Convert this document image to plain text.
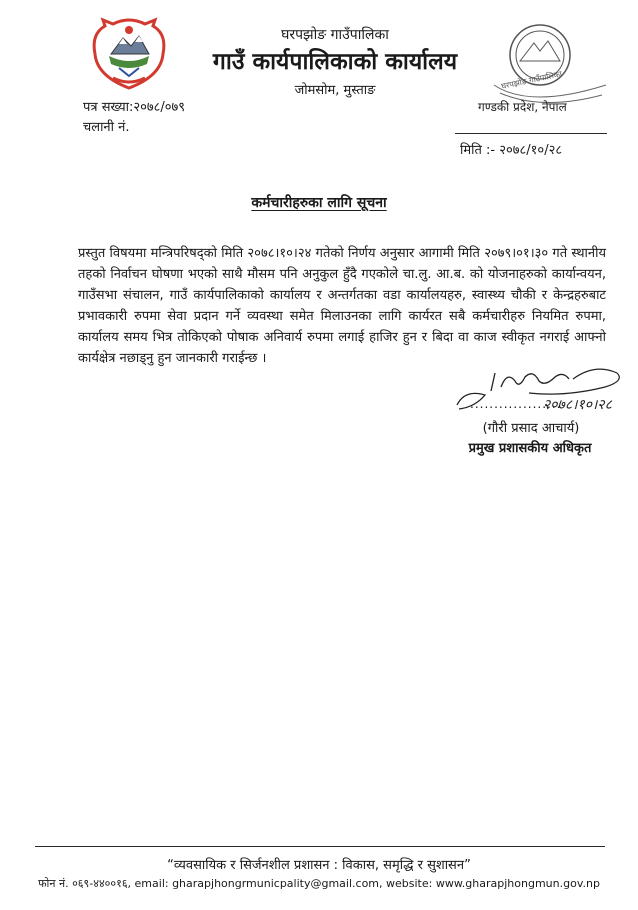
घरपझोङ गाउँपालिका
गाउँ कार्यपालिकाको कार्यालय
जोमसोम, मुस्ताङ	घरपझोङ गाउँपालिका
गण्डकी प्रदेश, नेपाल
पत्र सख्या:२०७८/०७९
चलानी नं.
मिति :- २०७८/१०/२८
कर्मचारीहरुका लागि सूचना
प्रस्तुत विषयमा मन्त्रिपरिषद्को मिति २०७८।१०।२४ गतेको निर्णय अनुसार आगामी मिति २०७९।०१।३० गते स्थानीय तहको निर्वाचन घोषणा भएको साथै मौसम पनि अनुकुल हुँदै गएकोले चा.लु. आ.ब. को योजनाहरुको कार्यान्वयन, गाउँसभा संचालन, गाउँ कार्यपालिकाको कार्यालय र अन्तर्गतका वडा कार्यालयहरु, स्वास्थ्य चौकी र केन्द्रहरुबाट प्रभावकारी रुपमा सेवा प्रदान गर्ने व्यवस्था समेत मिलाउनका लागि कार्यरत सबै कर्मचारीहरु नियमित रुपमा, कार्यालय समय भित्र तोकिएको पोषाक अनिवार्य रुपमा लगाई हाजिर हुन र बिदा वा काज स्वीकृत नगराई आफ्नो कार्यक्षेत्र नछाड्नु हुन जानकारी गराईन्छ ।
२०७८।१०।२८
...................
(गौरी प्रसाद आचार्य)
प्रमुख प्रशासकीय अधिकृत
“व्यवसायिक र सिर्जनशील प्रशासन : विकास, समृद्धि र सुशासन”
फोन नं. ०६९-४४००१६, email: gharapjhongrmunicpality@gmail.com, website: www.gharapjhongmun.gov.np
